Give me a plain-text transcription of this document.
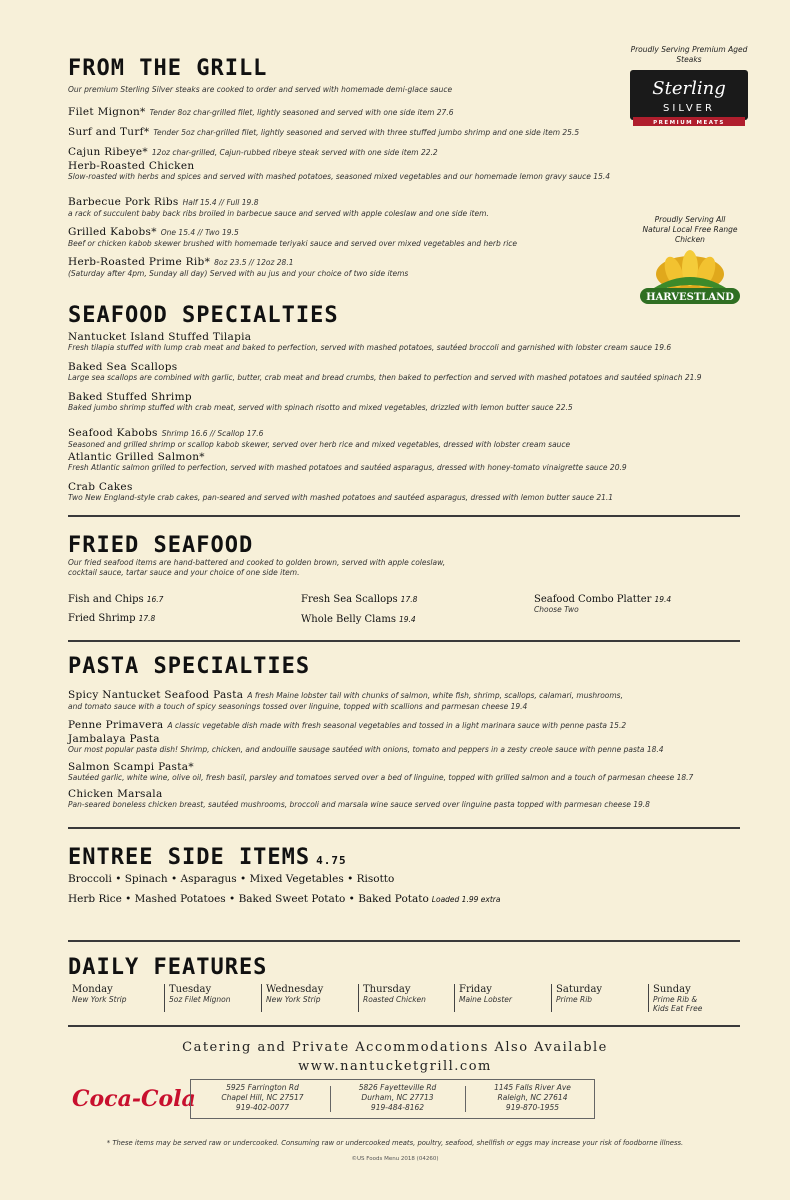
FROM THE GRILL
Our premium Sterling Silver steaks are cooked to order and served with homemade demi-glace sauce
Filet Mignon* Tender 8oz char-grilled filet, lightly seasoned and served with one side item 27.6
Surf and Turf* Tender 5oz char-grilled filet, lightly seasoned and served with three stuffed jumbo shrimp and one side item 25.5
Cajun Ribeye* 12oz char-grilled, Cajun-rubbed ribeye steak served with one side item 22.2
Herb-Roasted Chicken
Slow-roasted with herbs and spices and served with mashed potatoes, seasoned mixed vegetables and our homemade lemon gravy sauce 15.4
Barbecue Pork Ribs Half 15.4 // Full 19.8
a rack of succulent baby back ribs broiled in barbecue sauce and served with apple coleslaw and one side item.
Grilled Kabobs* One 15.4 // Two 19.5
Beef or chicken kabob skewer brushed with homemade teriyaki sauce and served over mixed vegetables and herb rice
Herb-Roasted Prime Rib* 8oz 23.5 // 12oz 28.1
(Saturday after 4pm, Sunday all day) Served with au jus and your choice of two side items
Proudly Serving Premium Aged Steaks
Sterling
SILVER
PREMIUM MEATS
Proudly Serving All Natural Local Free Range Chicken
HARVESTLAND
SEAFOOD SPECIALTIES
Nantucket Island Stuffed Tilapia
Fresh tilapia stuffed with lump crab meat and baked to perfection, served with mashed potatoes, sautéed broccoli and garnished with lobster cream sauce 19.6
Baked Sea Scallops
Large sea scallops are combined with garlic, butter, crab meat and bread crumbs, then baked to perfection and served with mashed potatoes and sautéed spinach 21.9
Baked Stuffed Shrimp
Baked jumbo shrimp stuffed with crab meat, served with spinach risotto and mixed vegetables, drizzled with lemon butter sauce 22.5
Seafood Kabobs Shrimp 16.6 // Scallop 17.6
Seasoned and grilled shrimp or scallop kabob skewer, served over herb rice and mixed vegetables, dressed with lobster cream sauce
Atlantic Grilled Salmon*
Fresh Atlantic salmon grilled to perfection, served with mashed potatoes and sautéed asparagus, dressed with honey-tomato vinaigrette sauce 20.9
Crab Cakes
Two New England-style crab cakes, pan-seared and served with mashed potatoes and sautéed asparagus, dressed with lemon butter sauce 21.1
FRIED SEAFOOD
Our fried seafood items are hand-battered and cooked to golden brown, served with apple coleslaw,
cocktail sauce, tartar sauce and your choice of one side item.
Fish and Chips 16.7
Fried Shrimp 17.8
Fresh Sea Scallops 17.8
Whole Belly Clams 19.4
Seafood Combo Platter 19.4
Choose Two
PASTA SPECIALTIES
Spicy Nantucket Seafood Pasta A fresh Maine lobster tail with chunks of salmon, white fish, shrimp, scallops, calamari, mushrooms,
and tomato sauce with a touch of spicy seasonings tossed over linguine, topped with scallions and parmesan cheese 19.4
Penne Primavera A classic vegetable dish made with fresh seasonal vegetables and tossed in a light marinara sauce with penne pasta 15.2
Jambalaya Pasta
Our most popular pasta dish! Shrimp, chicken, and andouille sausage sautéed with onions, tomato and peppers in a zesty creole sauce with penne pasta 18.4
Salmon Scampi Pasta*
Sautéed garlic, white wine, olive oil, fresh basil, parsley and tomatoes served over a bed of linguine, topped with grilled salmon and a touch of parmesan cheese 18.7
Chicken Marsala
Pan-seared boneless chicken breast, sautéed mushrooms, broccoli and marsala wine sauce served over linguine pasta topped with parmesan cheese 19.8
ENTREE SIDE ITEMS 4.75
Broccoli • Spinach • Asparagus • Mixed Vegetables • Risotto
Herb Rice • Mashed Potatoes • Baked Sweet Potato • Baked Potato Loaded 1.99 extra
DAILY FEATURES
Monday
New York Strip
Tuesday
5oz Filet Mignon
Wednesday
New York Strip
Thursday
Roasted Chicken
Friday
Maine Lobster
Saturday
Prime Rib
Sunday
Prime Rib &
Kids Eat Free
Catering and Private Accommodations Also Available
www.nantucketgrill.com
Coca-Cola	5925 Farrington Rd
Chapel Hill, NC 27517
919-402-0077
5826 Fayetteville Rd
Durham, NC 27713
919-484-8162
1145 Falls River Ave
Raleigh, NC 27614
919-870-1955
* These items may be served raw or undercooked. Consuming raw or undercooked meats, poultry, seafood, shellfish or eggs may increase your risk of foodborne illness.
©US Foods Menu 2018 (04260)
